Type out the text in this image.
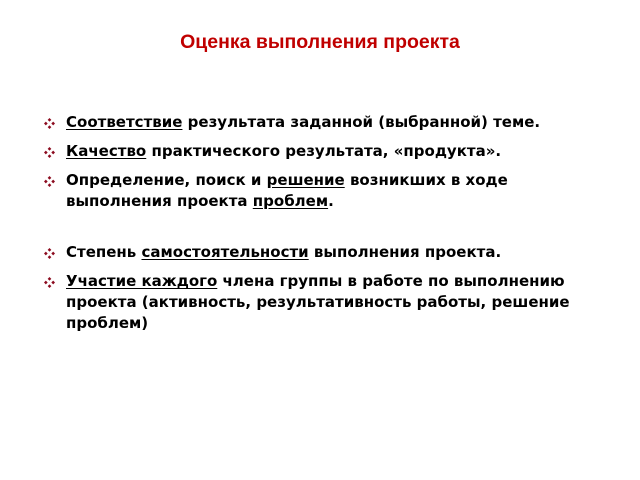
Оценка выполнения проекта
Соответствие результата заданной (выбранной) теме.
Качество практического результата, «продукта».
Определение, поиск и решение возникших в ходе выполнения проекта проблем.
Степень самостоятельности выполнения проекта.
Участие каждого члена группы в работе по выполнению проекта (активность, результативность работы, решение проблем)
